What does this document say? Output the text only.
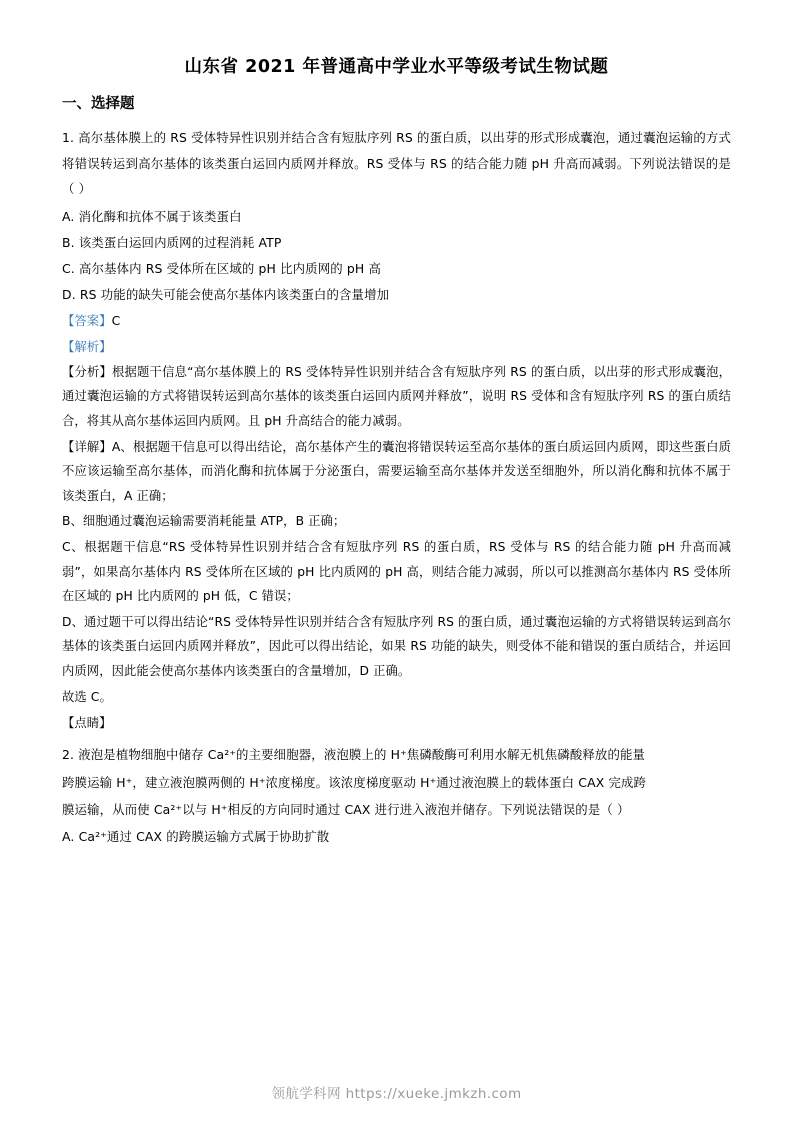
山东省 2021 年普通高中学业水平等级考试生物试题
一、选择题

1. 高尔基体膜上的 RS 受体特异性识别并结合含有短肽序列 RS 的蛋白质，以出芽的形式形成囊泡，通过囊泡运输的方式将错误转运到高尔基体的该类蛋白运回内质网并释放。RS 受体与 RS 的结合能力随 pH 升高而减弱。下列说法错误的是（ ）

A. 消化酶和抗体不属于该类蛋白

B. 该类蛋白运回内质网的过程消耗 ATP

C. 高尔基体内 RS 受体所在区域的 pH 比内质网的 pH 高

D. RS 功能的缺失可能会使高尔基体内该类蛋白的含量增加

【答案】C

【解析】

【分析】根据题干信息“高尔基体膜上的 RS 受体特异性识别并结合含有短肽序列 RS 的蛋白质，以出芽的形式形成囊泡，通过囊泡运输的方式将错误转运到高尔基体的该类蛋白运回内质网并释放”，说明 RS 受体和含有短肽序列 RS 的蛋白质结合，将其从高尔基体运回内质网。且 pH 升高结合的能力减弱。

【详解】A、根据题干信息可以得出结论，高尔基体产生的囊泡将错误转运至高尔基体的蛋白质运回内质网，即这些蛋白质不应该运输至高尔基体，而消化酶和抗体属于分泌蛋白，需要运输至高尔基体并发送至细胞外，所以消化酶和抗体不属于该类蛋白，A 正确；

B、细胞通过囊泡运输需要消耗能量 ATP，B 正确；

C、根据题干信息“RS 受体特异性识别并结合含有短肽序列 RS 的蛋白质，RS 受体与 RS 的结合能力随 pH 升高而减弱”，如果高尔基体内 RS 受体所在区域的 pH 比内质网的 pH 高，则结合能力减弱，所以可以推测高尔基体内 RS 受体所在区域的 pH 比内质网的 pH 低，C 错误；

D、通过题干可以得出结论“RS 受体特异性识别并结合含有短肽序列 RS 的蛋白质，通过囊泡运输的方式将错误转运到高尔基体的该类蛋白运回内质网并释放”，因此可以得出结论，如果 RS 功能的缺失，则受体不能和错误的蛋白质结合，并运回内质网，因此能会使高尔基体内该类蛋白的含量增加，D 正确。

故选 C。

【点睛】

2. 液泡是植物细胞中储存 Ca²⁺的主要细胞器，液泡膜上的 H⁺焦磷酸酶可利用水解无机焦磷酸释放的能量

跨膜运输 H⁺，建立液泡膜两侧的 H⁺浓度梯度。该浓度梯度驱动 H⁺通过液泡膜上的载体蛋白 CAX 完成跨

膜运输，从而使 Ca²⁺以与 H⁺相反的方向同时通过 CAX 进行进入液泡并储存。下列说法错误的是（ ）

A. Ca²⁺通过 CAX 的跨膜运输方式属于协助扩散

领航学科网 https://xueke.jmkzh.com
